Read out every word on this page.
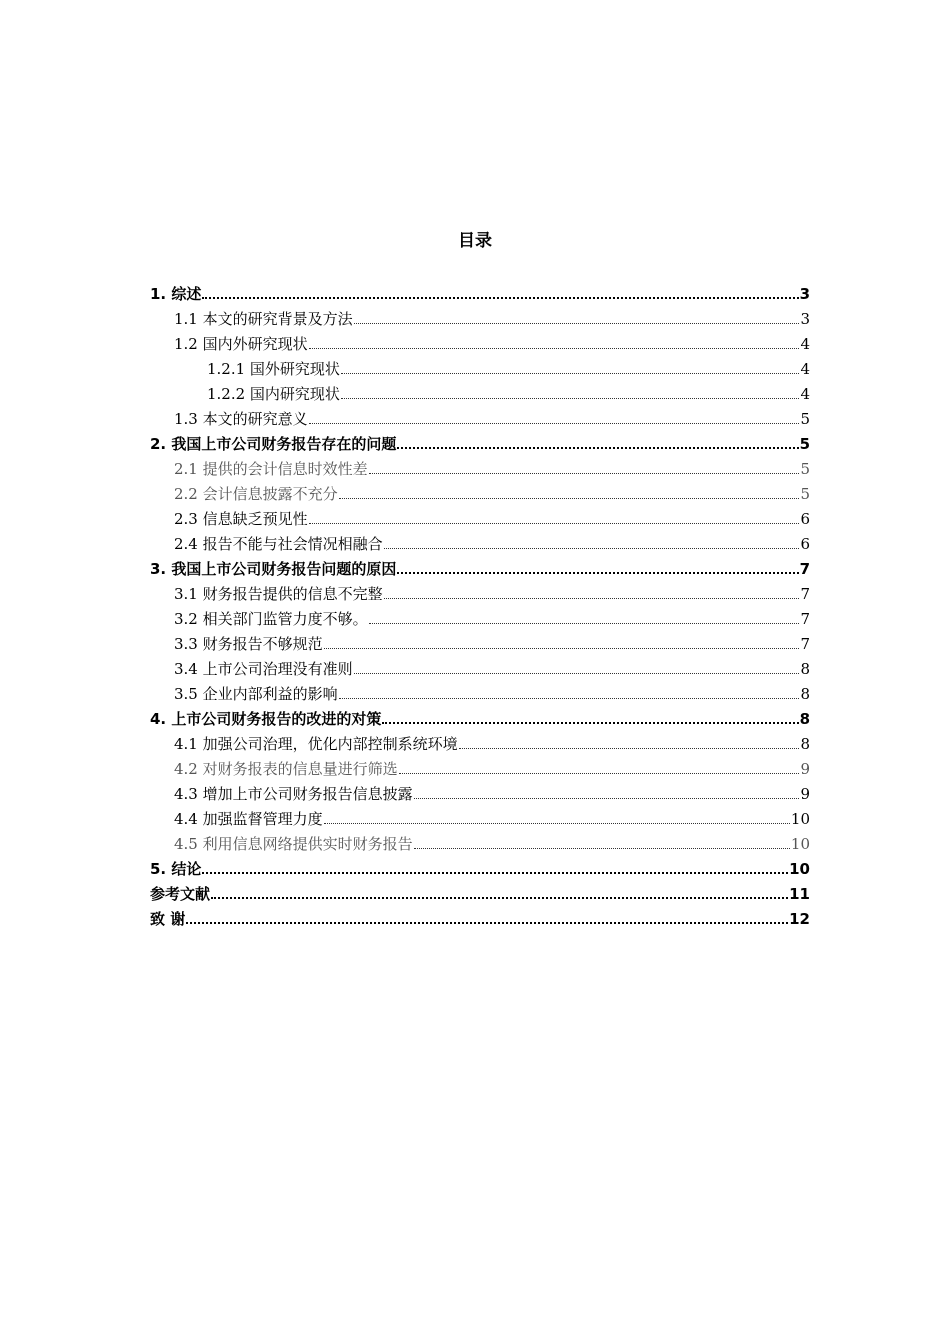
目录
1. 综述	3
1.1 本文的研究背景及方法	3
1.2 国内外研究现状	4
1.2.1 国外研究现状	4
1.2.2 国内研究现状	4
1.3 本文的研究意义	5
2. 我国上市公司财务报告存在的问题	5
2.1 提供的会计信息时效性差	5
2.2 会计信息披露不充分	5
2.3 信息缺乏预见性	6
2.4 报告不能与社会情况相融合	6
3. 我国上市公司财务报告问题的原因	7
3.1 财务报告提供的信息不完整	7
3.2 相关部门监管力度不够。	7
3.3 财务报告不够规范	7
3.4 上市公司治理没有准则	8
3.5 企业内部利益的影响	8
4. 上市公司财务报告的改进的对策	8
4.1 加强公司治理，优化内部控制系统环境	8
4.2 对财务报表的信息量进行筛选	9
4.3 增加上市公司财务报告信息披露	9
4.4 加强监督管理力度	10
4.5 利用信息网络提供实时财务报告	10
5. 结论	10
参考文献	11
致 谢	12
